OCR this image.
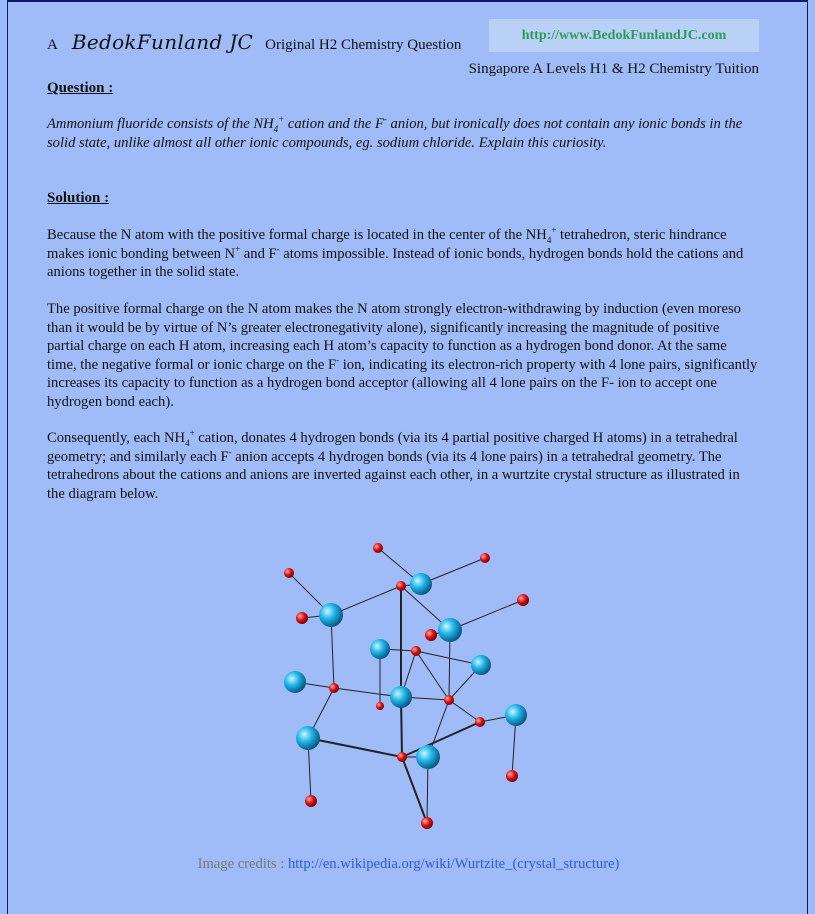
A BedokFunland JC Original H2 Chemistry Question
http://www.BedokFunlandJC.com
Singapore A Levels H1 & H2 Chemistry Tuition
Question :
Ammonium fluoride consists of the $NH_4^+$ cation and the F- anion, but ironically does not contain any ionic bonds in the solid state, unlike almost all other ionic compounds, eg. sodium chloride. Explain this curiosity.
Solution :
Because the N atom with the positive formal charge is located in the center of the $NH_4^+$ tetrahedron, steric hindrance makes ionic bonding between N+ and F- atoms impossible. Instead of ionic bonds, hydrogen bonds hold the cations and anions together in the solid state.
The positive formal charge on the N atom makes the N atom strongly electron-withdrawing by induction (even moreso than it would be by virtue of N’s greater electronegativity alone), significantly increasing the magnitude of positive partial charge on each H atom, increasing each H atom’s capacity to function as a hydrogen bond donor. At the same time, the negative formal or ionic charge on the F- ion, indicating its electron-rich property with 4 lone pairs, significantly increases its capacity to function as a hydrogen bond acceptor (allowing all 4 lone pairs on the F- ion to accept one hydrogen bond each).
Consequently, each $NH_4^+$ cation, donates 4 hydrogen bonds (via its 4 partial positive charged H atoms) in a tetrahedral geometry; and similarly each F- anion accepts 4 hydrogen bonds (via its 4 lone pairs) in a tetrahedral geometry. The tetrahedrons about the cations and anions are inverted against each other, in a wurtzite crystal structure as illustrated in the diagram below.
Image credits : http://en.wikipedia.org/wiki/Wurtzite_(crystal_structure)
